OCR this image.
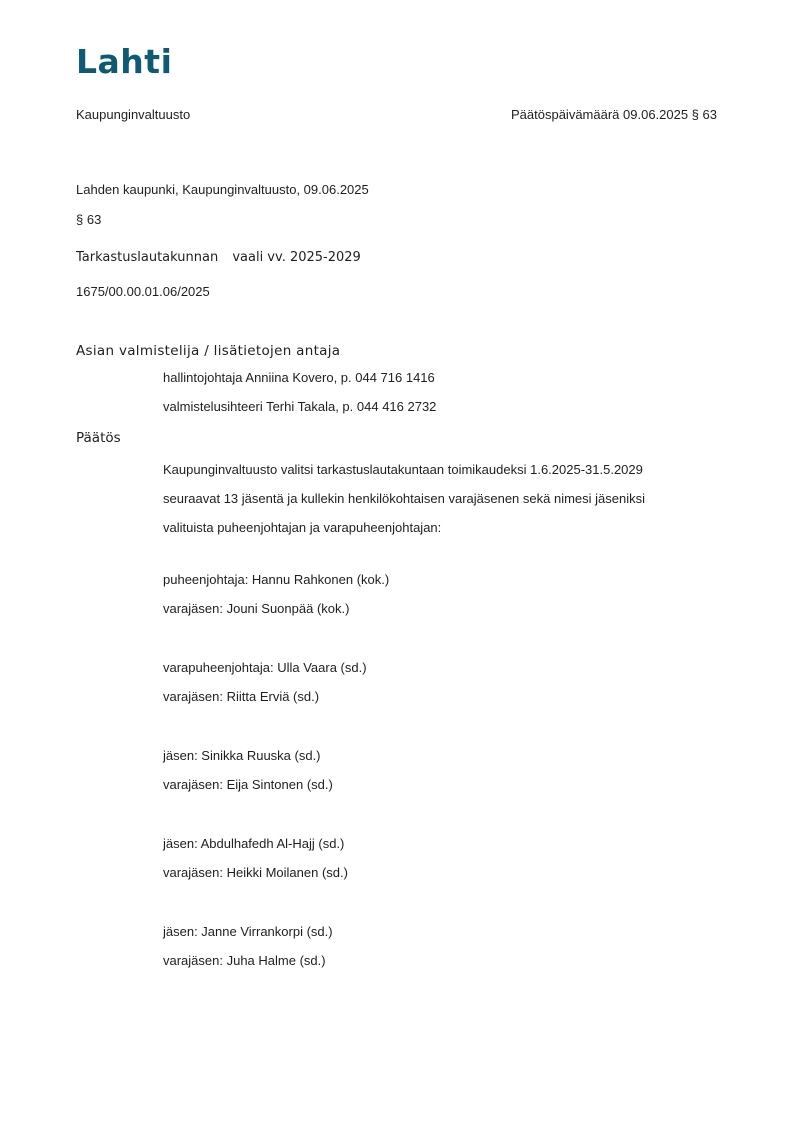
Lahti
Kaupunginvaltuusto	Päätöspäivämäärä 09.06.2025 § 63
Lahden kaupunki, Kaupunginvaltuusto, 09.06.2025
§ 63
Tarkastuslautakunnan vaali vv. 2025-2029
1675/00.00.01.06/2025
Asian valmistelija / lisätietojen antaja
hallintojohtaja Anniina Kovero, p. 044 716 1416
valmistelusihteeri Terhi Takala, p. 044 416 2732
Päätös
Kaupunginvaltuusto valitsi tarkastuslautakuntaan toimikaudeksi 1.6.2025-31.5.2029
seuraavat 13 jäsentä ja kullekin henkilökohtaisen varajäsenen sekä nimesi jäseniksi
valituista puheenjohtajan ja varapuheenjohtajan:
puheenjohtaja: Hannu Rahkonen (kok.)
varajäsen: Jouni Suonpää (kok.)
varapuheenjohtaja: Ulla Vaara (sd.)
varajäsen: Riitta Erviä (sd.)
jäsen: Sinikka Ruuska (sd.)
varajäsen: Eija Sintonen (sd.)
jäsen: Abdulhafedh Al-Hajj (sd.)
varajäsen: Heikki Moilanen (sd.)
jäsen: Janne Virrankorpi (sd.)
varajäsen: Juha Halme (sd.)
